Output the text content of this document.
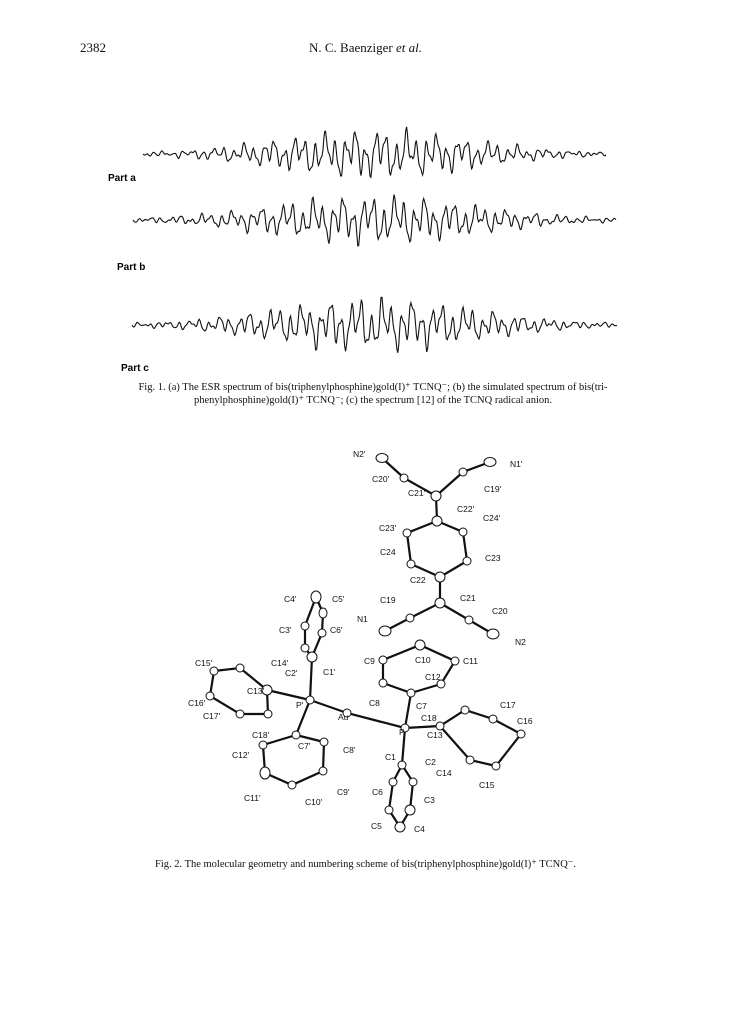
2382	N. C. Baenziger et al.
Part a
Part b
Part c
Fig. 1. (a) The ESR spectrum of bis(triphenylphosphine)gold(I)⁺ TCNQ⁻; (b) the simulated spectrum of bis(tri-
phenylphosphine)gold(I)⁺ TCNQ⁻; (c) the spectrum [12] of the TCNQ radical anion.
N2'
N1'
C20'
C21'	C19'
C22'
C24'
C23'
C24
C23
C22
C4'	C5'	C19	C21
C20
N1
N2
C3'	C6'
C15'	C14'
C2'	C1'
C9	C10	C11
C12
C13'
P'	C8	C7	C17
C16
C16'
C17'	Au	C18
C13
P
C18'
C7'	C8'
C12'	C1	C2
C14
C15
C11'	C10'
C9'	C6
C3
C5	C4
Fig. 2. The molecular geometry and numbering scheme of bis(triphenylphosphine)gold(I)⁺ TCNQ⁻.
